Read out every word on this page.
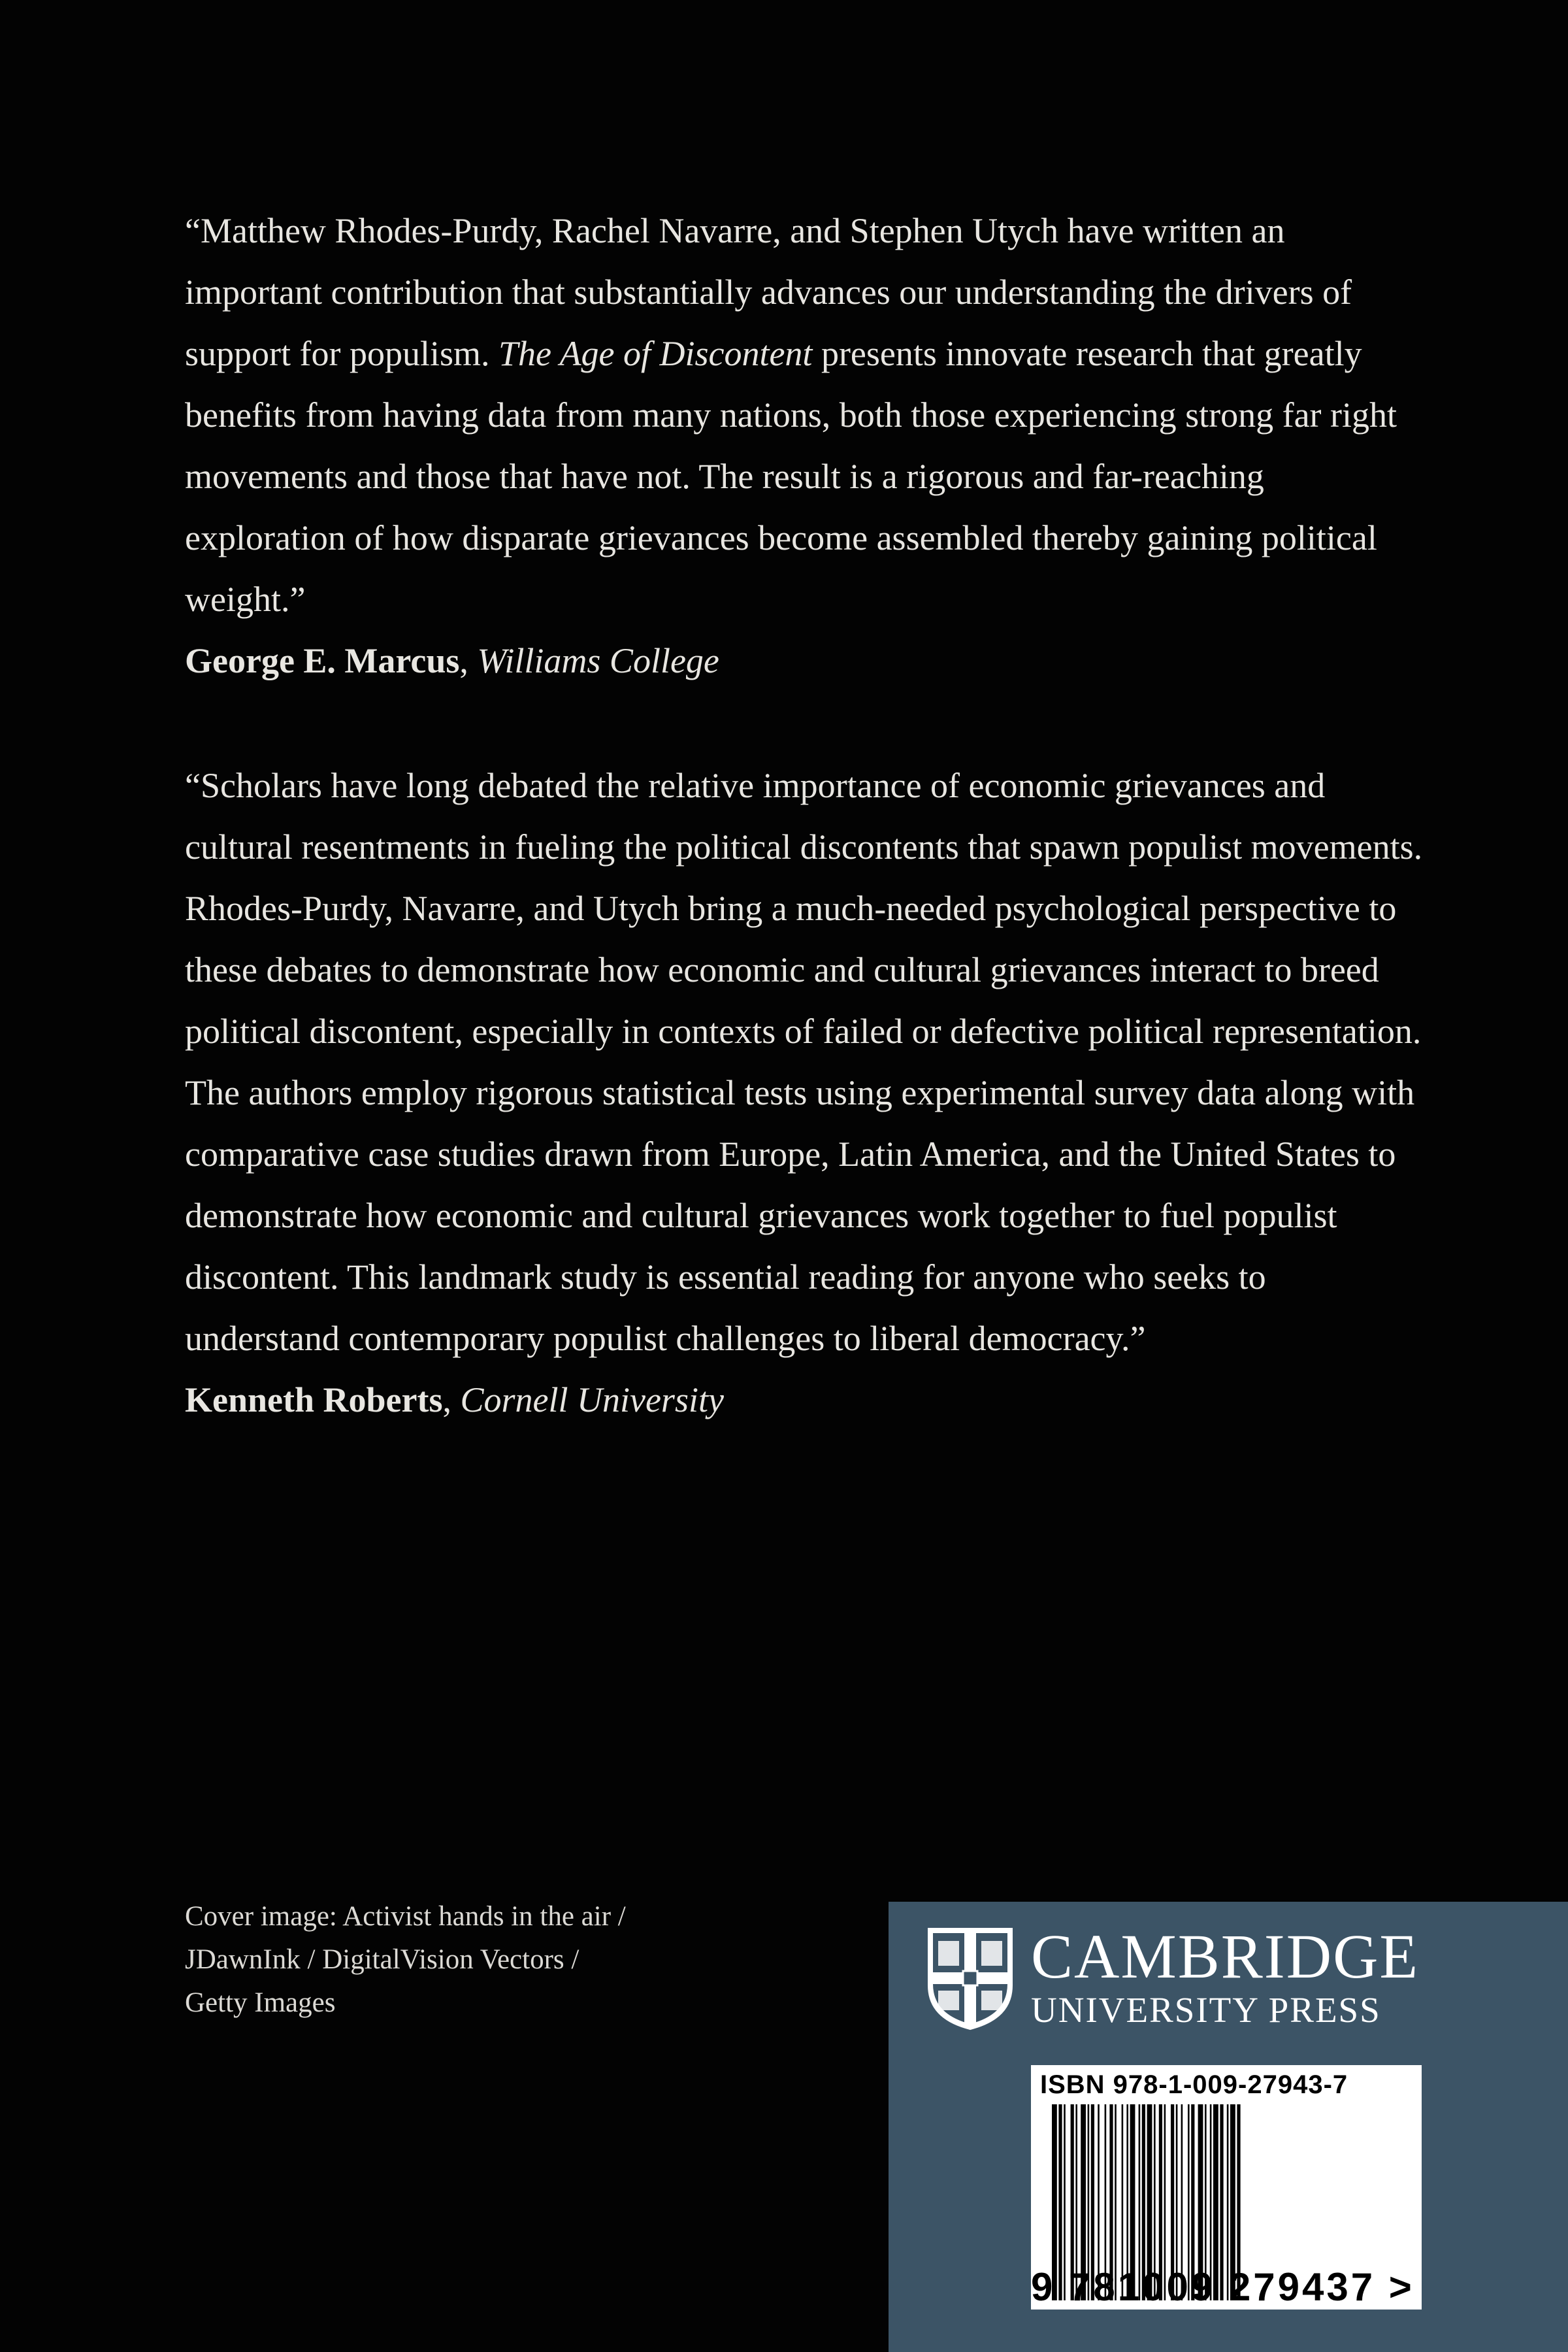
“Matthew Rhodes-Purdy, Rachel Navarre, and Stephen Utych have written an important contribution that substantially advances our understanding the drivers of support for populism. The Age of Discontent presents innovate research that greatly benefits from having data from many nations, both those experiencing strong far right movements and those that have not. The result is a rigorous and far-reaching exploration of how disparate grievances become assembled thereby gaining political weight.”
George E. Marcus, Williams College
“Scholars have long debated the relative importance of economic grievances and cultural resentments in fueling the political discontents that spawn populist movements. Rhodes-Purdy, Navarre, and Utych bring a much-needed psychological perspective to these debates to demonstrate how economic and cultural grievances interact to breed political discontent, especially in contexts of failed or defective political representation. The authors employ rigorous statistical tests using experimental survey data along with comparative case studies drawn from Europe, Latin America, and the United States to demonstrate how economic and cultural grievances work together to fuel populist discontent. This landmark study is essential reading for anyone who seeks to understand contemporary populist challenges to liberal democracy.”
Kenneth Roberts, Cornell University
Cover image: Activist hands in the air /
JDawnInk / DigitalVision Vectors /
Getty Images
CAMBRIDGE
UNIVERSITY PRESS
ISBN 978-1-009-27943-7
9 781009 279437 >
